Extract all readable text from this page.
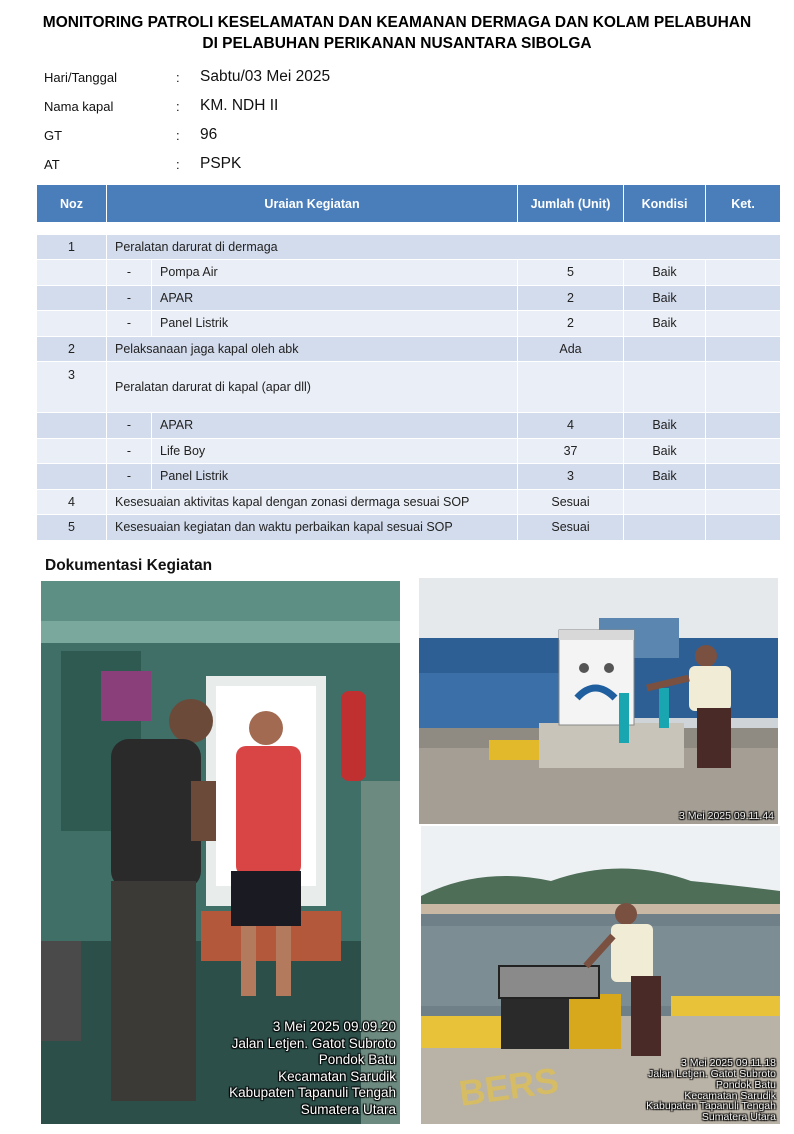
MONITORING PATROLI KESELAMATAN DAN KEAMANAN DERMAGA DAN KOLAM PELABUHAN
DI PELABUHAN PERIKANAN NUSANTARA SIBOLGA
Hari/Tanggal	: Sabtu/03 Mei 2025
Nama kapal	: KM. NDH II
GT	: 96
AT	: PSPK
Noz	Uraian Kegiatan		Jumlah (Unit)	Kondisi	Ket.

1	Peralatan darurat di dermaga				
	-	Pompa Air	5	Baik	
	-	APAR	2	Baik	
	-	Panel Listrik	2	Baik	
2	Pelaksanaan jaga kapal oleh abk		Ada		
3	Peralatan darurat di kapal (apar dll)				
	-	APAR	4	Baik	
	-	Life Boy	37	Baik	
	-	Panel Listrik	3	Baik	
4	Kesesuaian aktivitas kapal dengan zonasi dermaga sesuai SOP		Sesuai		
5	Kesesuaian kegiatan dan waktu perbaikan kapal sesuai SOP		Sesuai		
Dokumentasi Kegiatan
3 Mei 2025 09.09.20
Jalan Letjen. Gatot Subroto
Pondok Batu
Kecamatan Sarudik
Kabupaten Tapanuli Tengah
Sumatera Utara
3 Mei 2025 09.11.44
BERS	3 Mei 2025 09.11.18
Jalan Letjen. Gatot Subroto
Pondok Batu
Kecamatan Sarudik
Kabupaten Tapanuli Tengah
Sumatera Utara
